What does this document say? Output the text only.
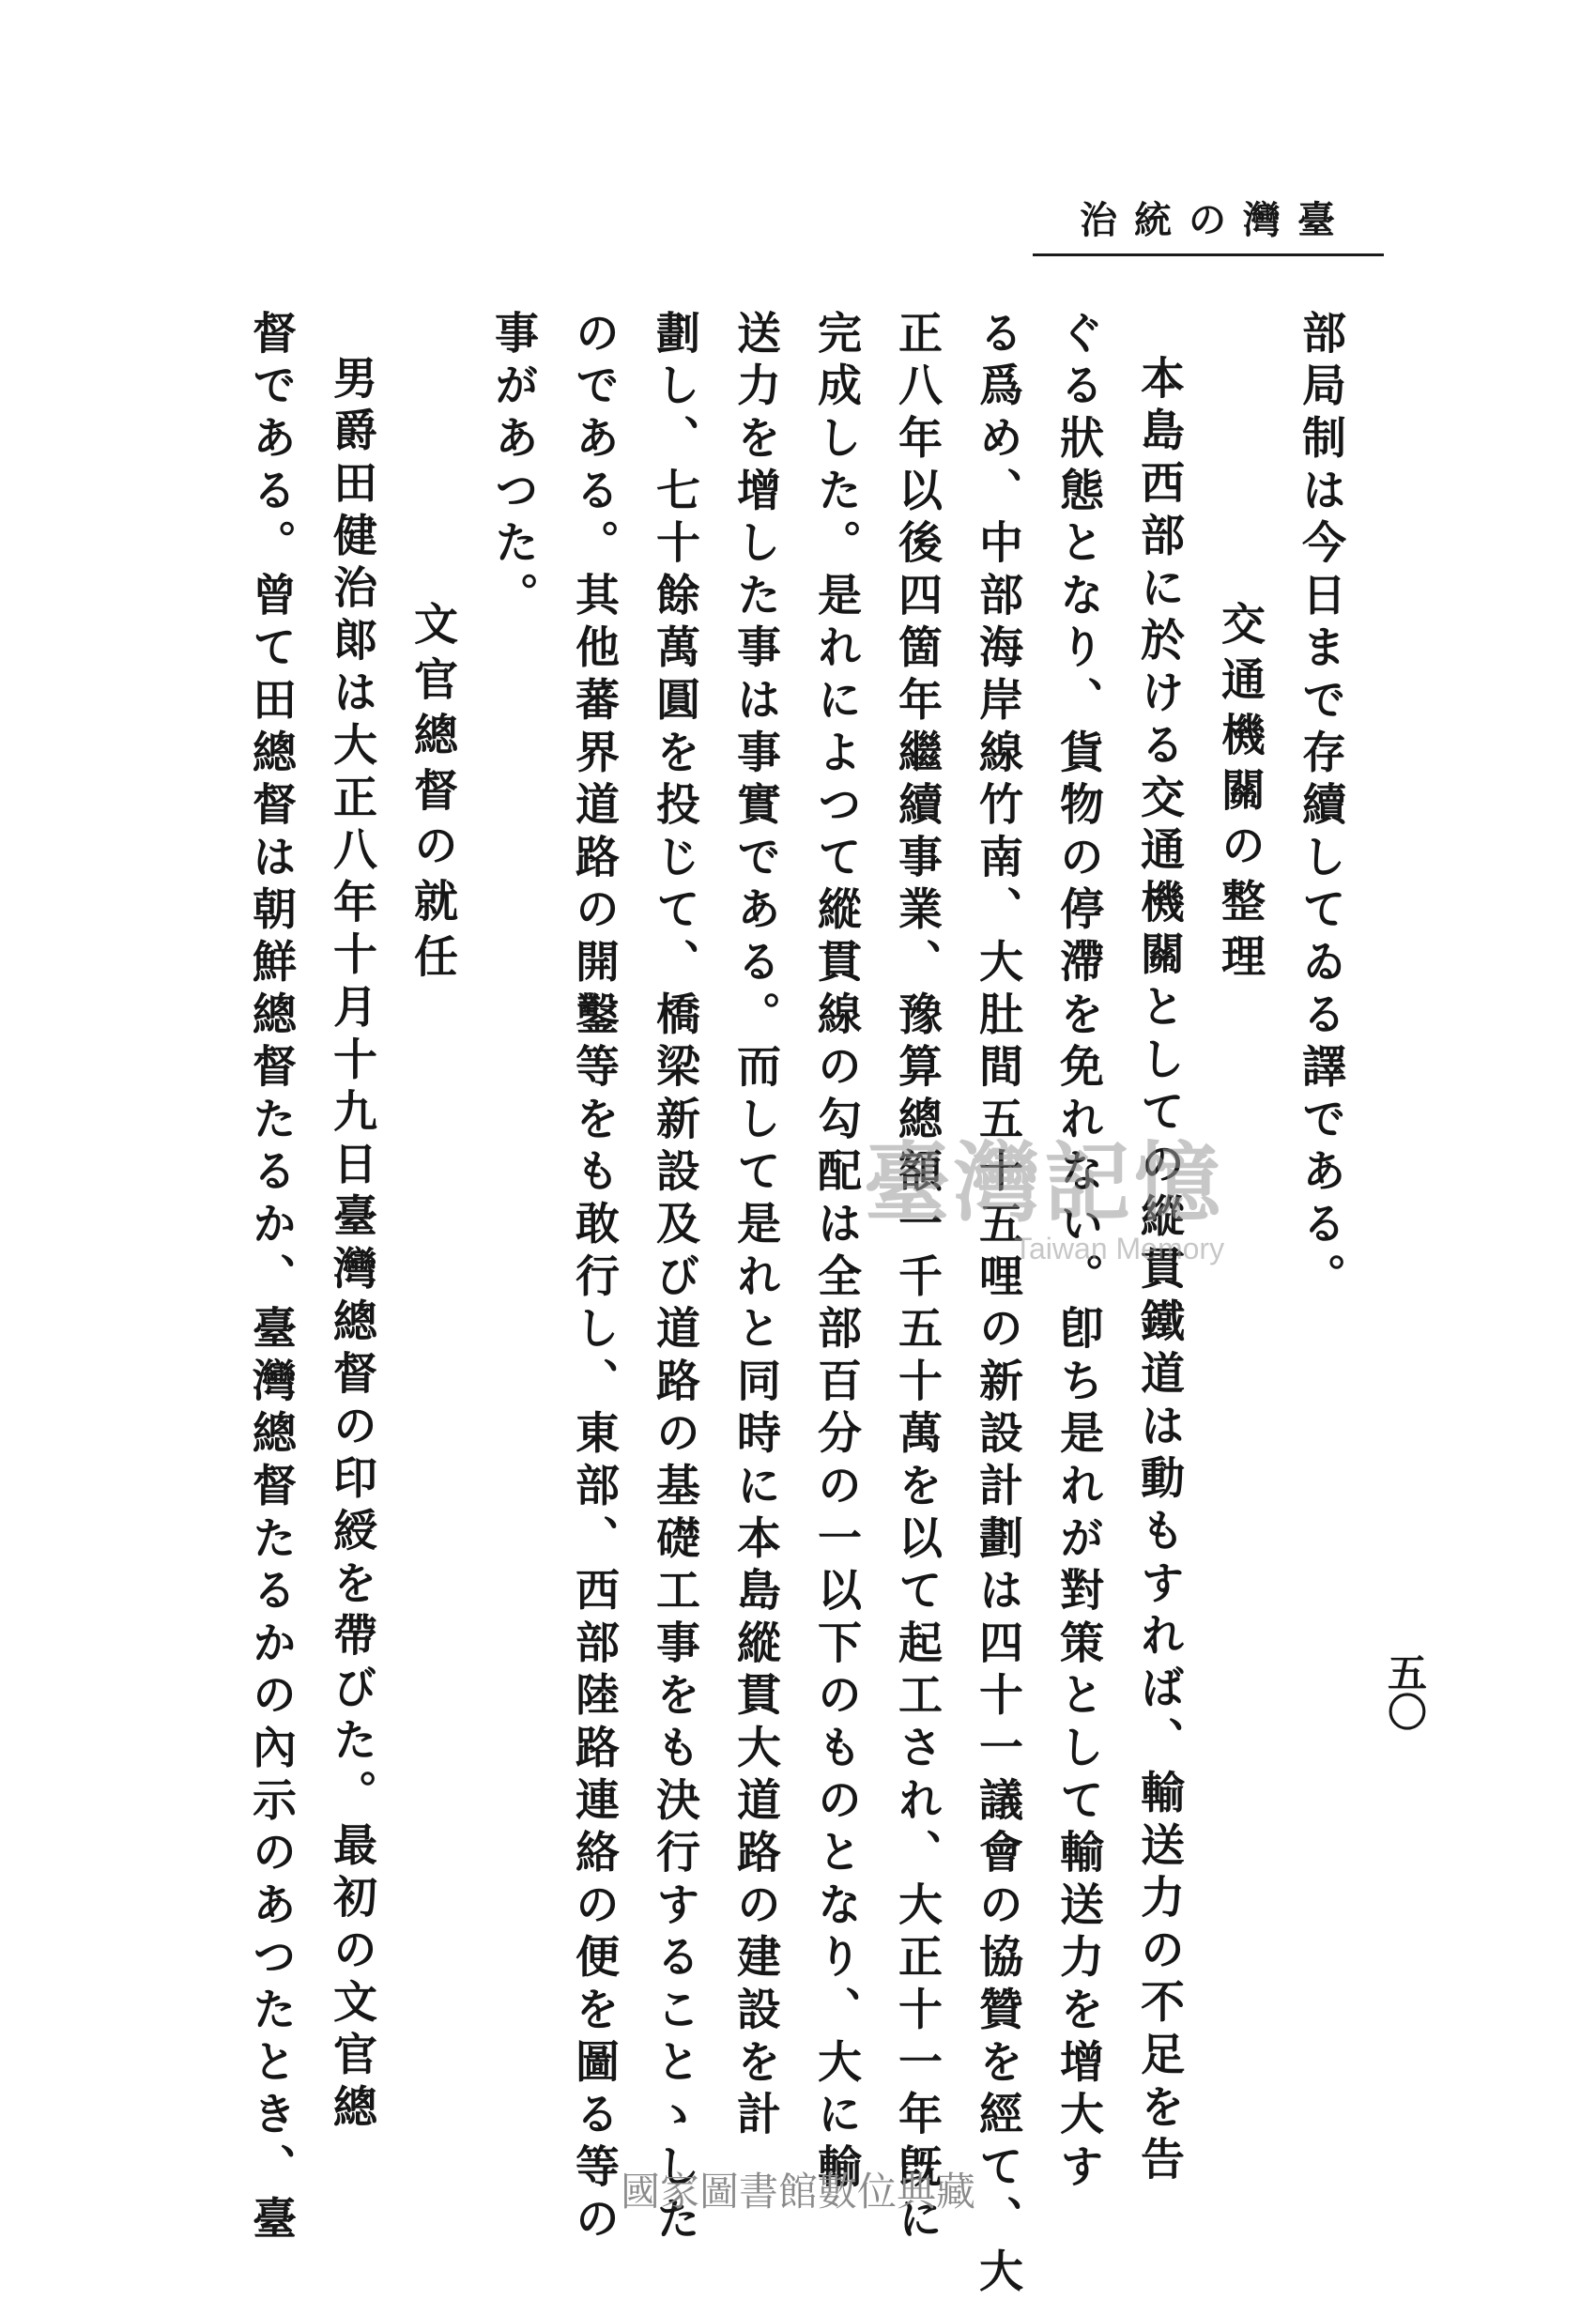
臺灣の統治
五〇
部局制は今日まで存續してゐる譯である。
交通機關の整理
本島西部に於ける交通機關としての縱貫鐵道は動もすれば、輸送力の不足を告
ぐる狀態となり、貨物の停滯を免れない。卽ち是れが對策として輸送力を增大す
る爲め、中部海岸線竹南、大肚間五十五哩の新設計劃は四十一議會の協贊を經て、大
正八年以後四箇年繼續事業、豫算總額一千五十萬を以て起工され、大正十一年旣に
完成した。是れによつて縱貫線の勾配は全部百分の一以下のものとなり、大に輸
送力を增した事は事實である。而して是れと同時に本島縱貫大道路の建設を計
劃し、七十餘萬圓を投じて、橋梁新設及び道路の基礎工事をも決行することゝした
のである。其他蕃界道路の開鑿等をも敢行し、東部、西部陸路連絡の便を圖る等の
事があつた。
文官總督の就任
男爵田健治郞は大正八年十月十九日臺灣總督の印綬を帶びた。最初の文官總
督である。曾て田總督は朝鮮總督たるか、臺灣總督たるかの內示のあつたとき、臺	臺灣記憶
Taiwan Memory
國家圖書館數位典藏
